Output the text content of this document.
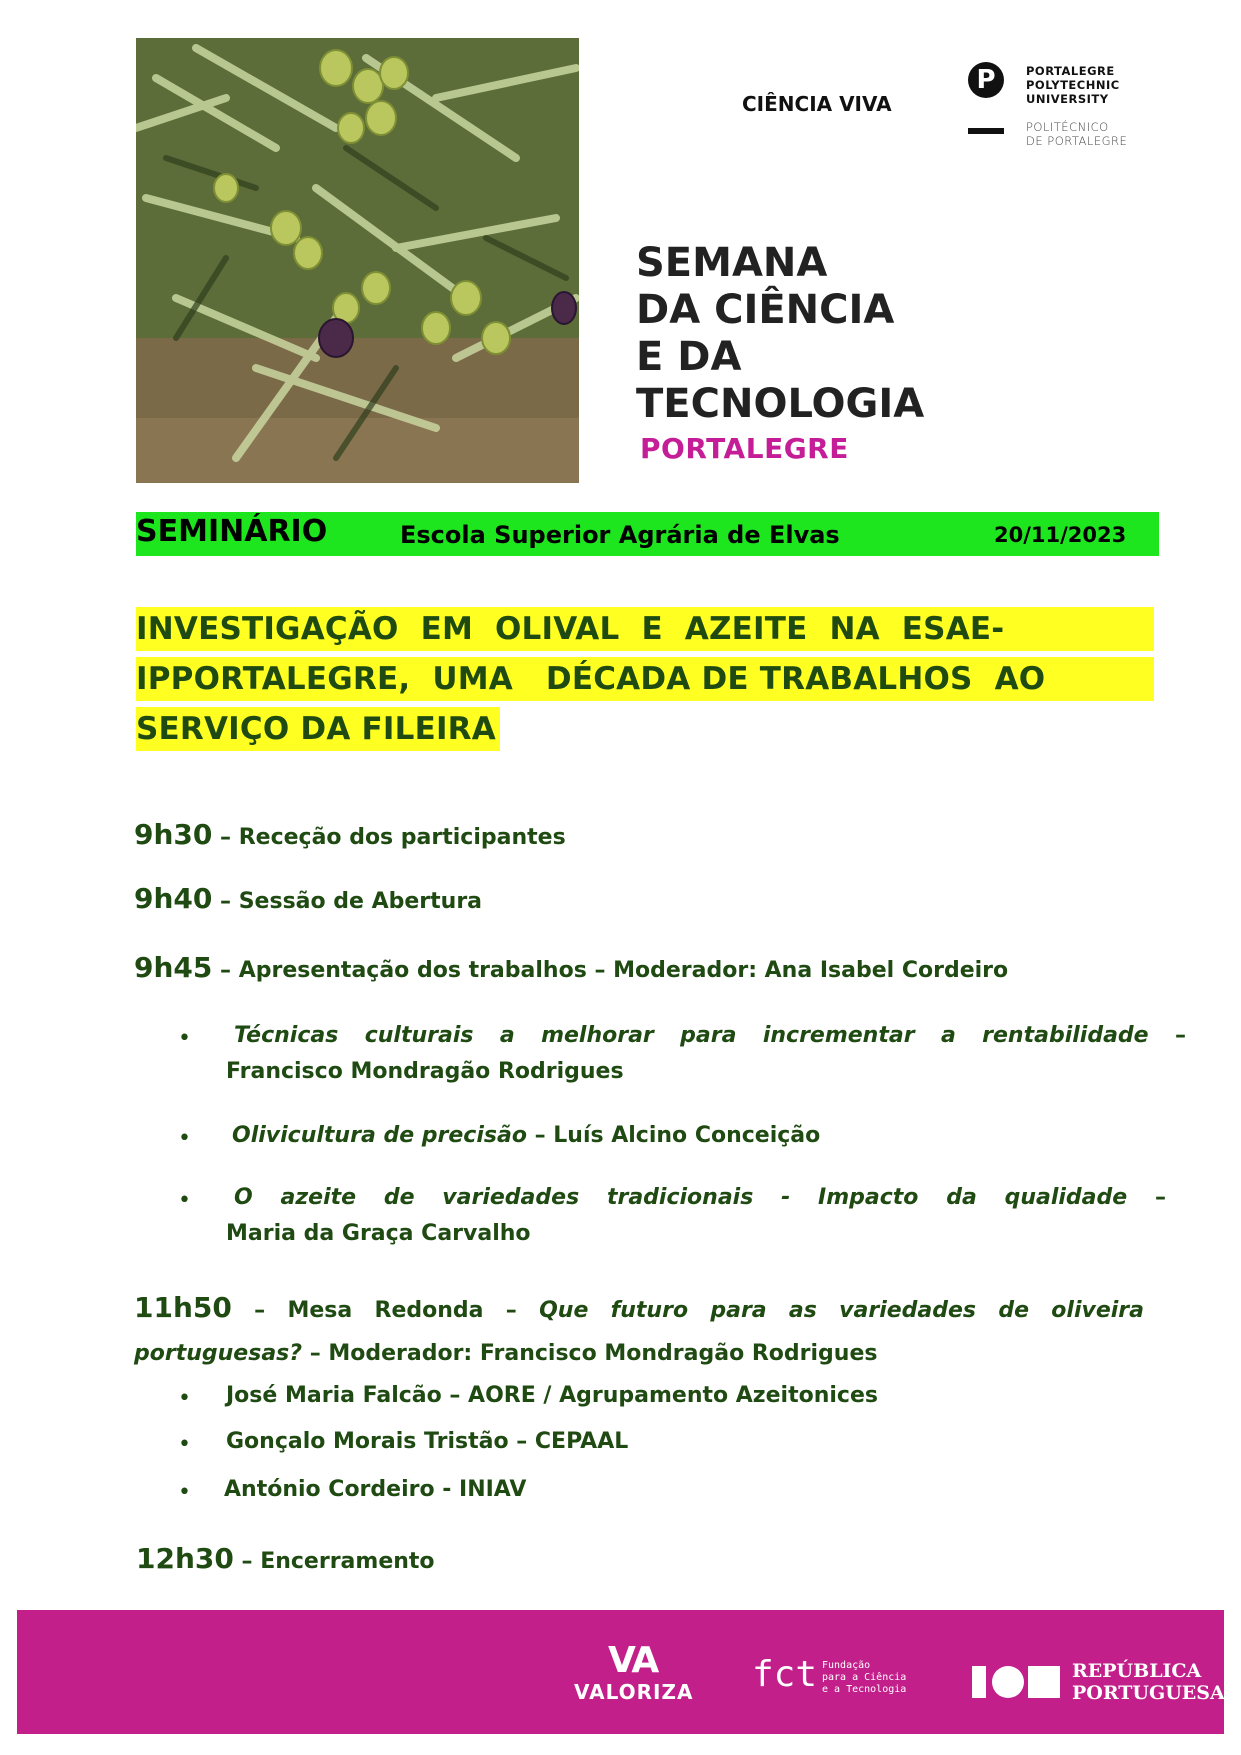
CIÊNCIA VIVA
P	PORTALEGRE
POLYTECHNIC
UNIVERSITY
POLITÉCNICO
DE PORTALEGRE
SEMANA
DA CIÊNCIA
E DA
TECNOLOGIA
PORTALEGRE
SEMINÁRIO	Escola Superior Agrária de Elvas	20/11/2023
INVESTIGAÇÃO  EM  OLIVAL  E  AZEITE  NA  ESAE-
IPPORTALEGRE,  UMA   DÉCADA DE TRABALHOS  AO
SERVIÇO DA FILEIRA
9h30 – Receção dos participantes
9h40 – Sessão de Abertura
9h45 – Apresentação dos trabalhos – Moderador: Ana Isabel Cordeiro
•	Técnicas culturais a melhorar para incrementar a rentabilidade –
Francisco Mondragão Rodrigues
• Olivicultura de precisão – Luís Alcino Conceição
•	O azeite de variedades tradicionais - Impacto da qualidade –
Maria da Graça Carvalho
11h50 – Mesa Redonda – Que futuro para as variedades de oliveira
portuguesas? – Moderador: Francisco Mondragão Rodrigues
• José Maria Falcão – AORE / Agrupamento Azeitonices
• Gonçalo Morais Tristão – CEPAAL
• António Cordeiro - INIAV
12h30 – Encerramento
VA
VALORIZA fct Fundação
para a Ciência
e a Tecnologia
REPÚBLICA
PORTUGUESA
